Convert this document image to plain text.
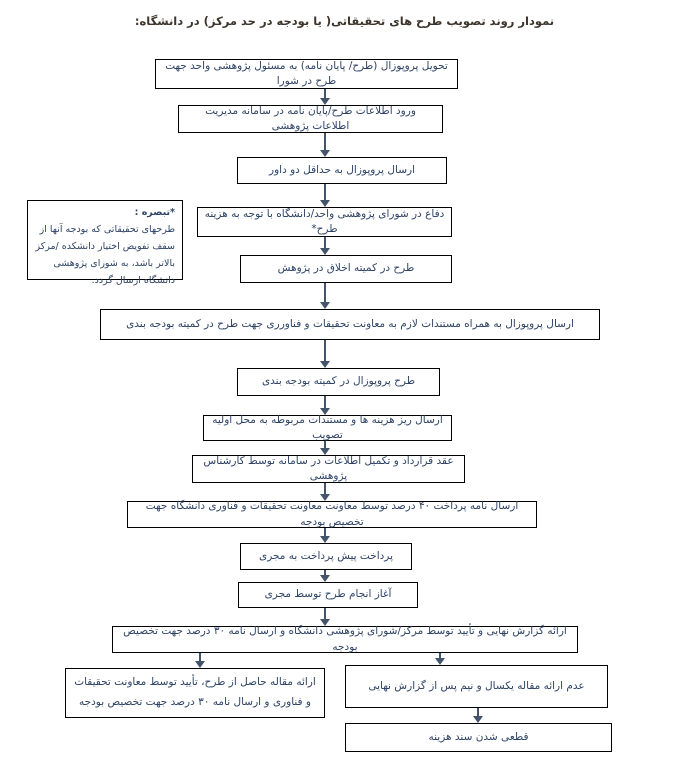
نمودار روند تصویب طرح های تحقیقاتی( یا بودجه در حد مرکز) در دانشگاه:
تحویل پروپوزال (طرح/ پایان نامه) به مسئول پژوهشی واحد جهت طرح در شورا
ورود اطلاعات طرح/پایان نامه در سامانه مدیریت اطلاعات پژوهشی
ارسال پروپوزال به حداقل دو داور
*تبصره :
طرحهای تحقیقاتی که بودجه آنها از سقف تفویض اختیار دانشکده /مرکز بالاتر باشد، به شورای پژوهشی دانشگاه ارسال گردد.
دفاع در شورای پژوهشی واحد/دانشگاه با توجه به هزینه طرح*
طرح در کمیته اخلاق در پژوهش
ارسال پروپوزال به همراه مستندات لازم به معاونت تحقیقات و فناورری جهت طرح در کمیته بودجه بندی
طرح پروپوزال در کمیته بودجه بندی
ارسال ریز هزینه ها و مستندات مربوطه به محل اولیه تصویب
عقد قرارداد و تکمیل اطلاعات در سامانه توسط کارشناس پژوهشی
ارسال نامه پرداخت ۴۰ درصد توسط معاونت معاونت تحقیقات و فناوری دانشگاه جهت تخصیص بودجه
پرداخت پیش پرداخت به مجری
آغاز انجام طرح توسط مجری
ارائه گزارش نهایی و تأیید توسط مرکز/شورای پژوهشی دانشگاه و ارسال نامه ۳۰ درصد جهت تخصیص بودجه
ارائه مقاله حاصل از طرح، تأیید توسط معاونت تحقیقات و فناوری و ارسال نامه ۳۰ درصد جهت تخصیص بودجه
عدم ارائه مقاله یکسال و نیم پس از گزارش نهایی
قطعی شدن سند هزینه
